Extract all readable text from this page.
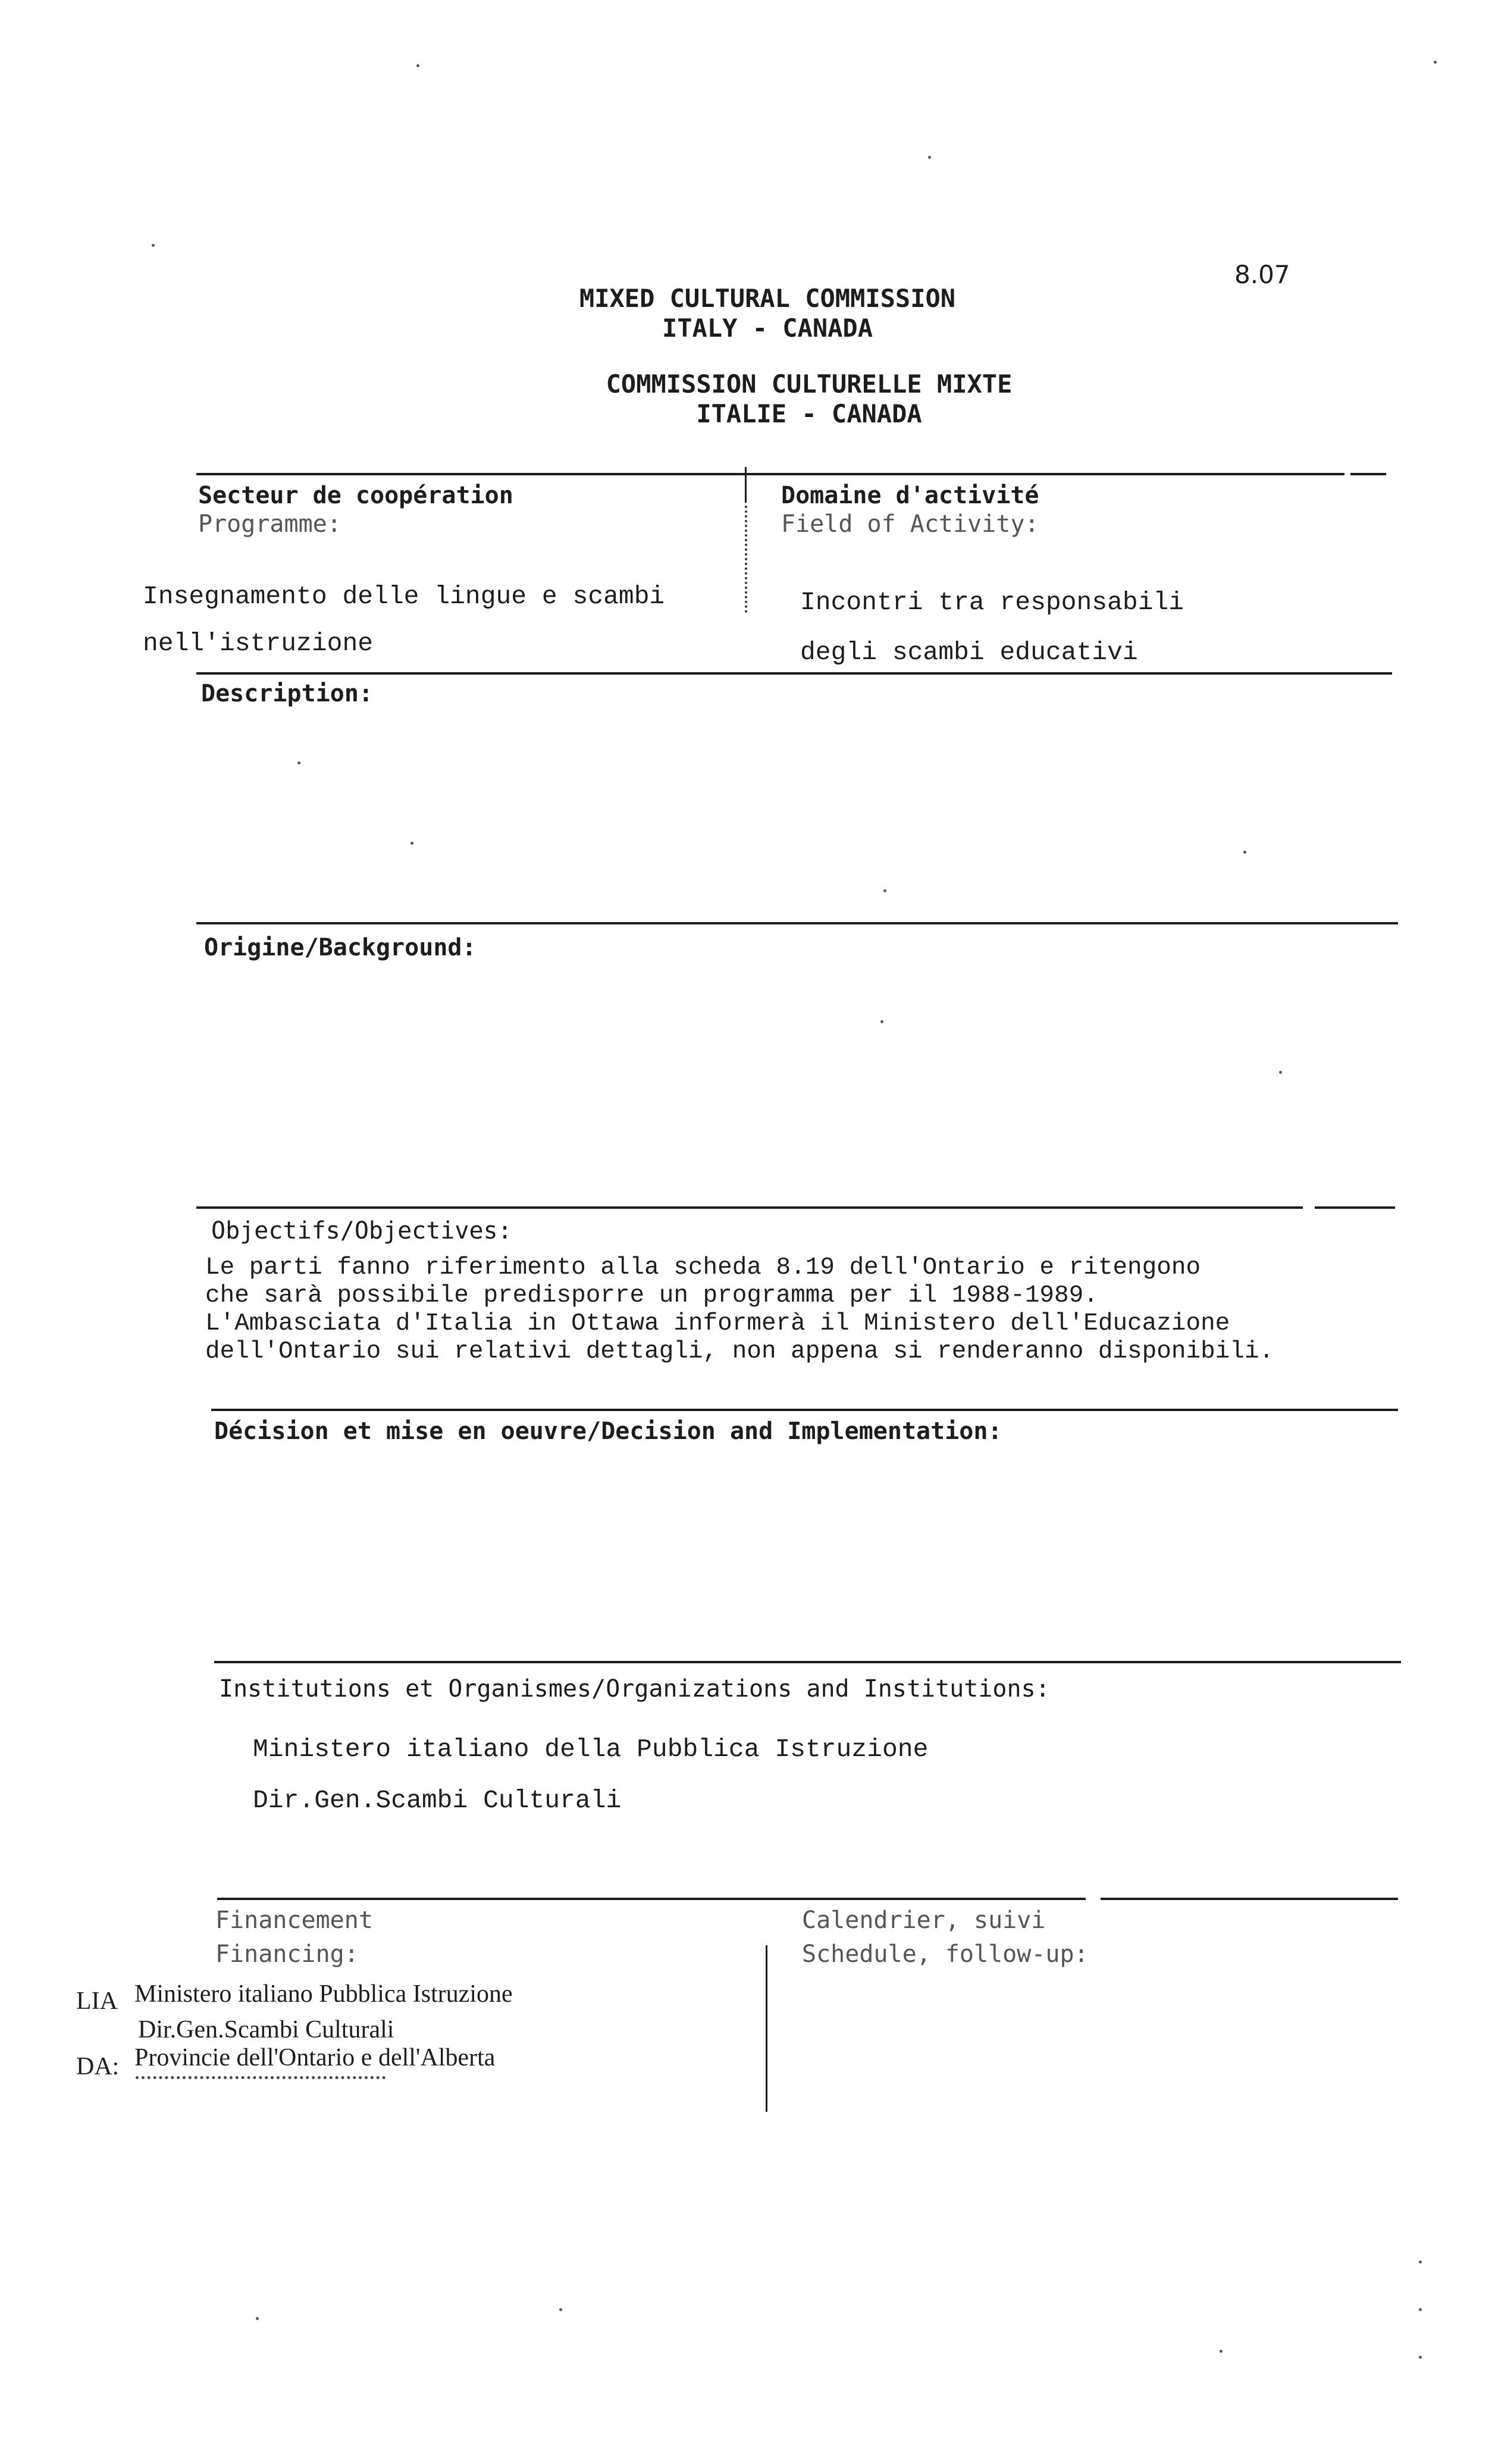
8.07
MIXED CULTURAL COMMISSION
ITALY - CANADA
COMMISSION CULTURELLE MIXTE
ITALIE - CANADA
Secteur de coopération
Programme:
Insegnamento delle lingue e scambi
nell'istruzione
Domaine d'activité
Field of Activity:
Incontri tra responsabili
degli scambi educativi
Description:
Origine/Background:
Objectifs/Objectives:
Le parti fanno riferimento alla scheda 8.19 dell'Ontario e ritengono
che sarà possibile predisporre un programma per il 1988-1989.
L'Ambasciata d'Italia in Ottawa informerà il Ministero dell'Educazione
dell'Ontario sui relativi dettagli, non appena si renderanno disponibili.
Décision et mise en oeuvre/Decision and Implementation:
Institutions et Organismes/Organizations and Institutions:
Ministero italiano della Pubblica Istruzione
Dir.Gen.Scambi Culturali
Financement
Financing:
LIA Ministero italiano Pubblica Istruzione
Dir.Gen.Scambi Culturali
DA: Provincie dell'Ontario e dell'Alberta
Calendrier, suivi
Schedule, follow-up:
